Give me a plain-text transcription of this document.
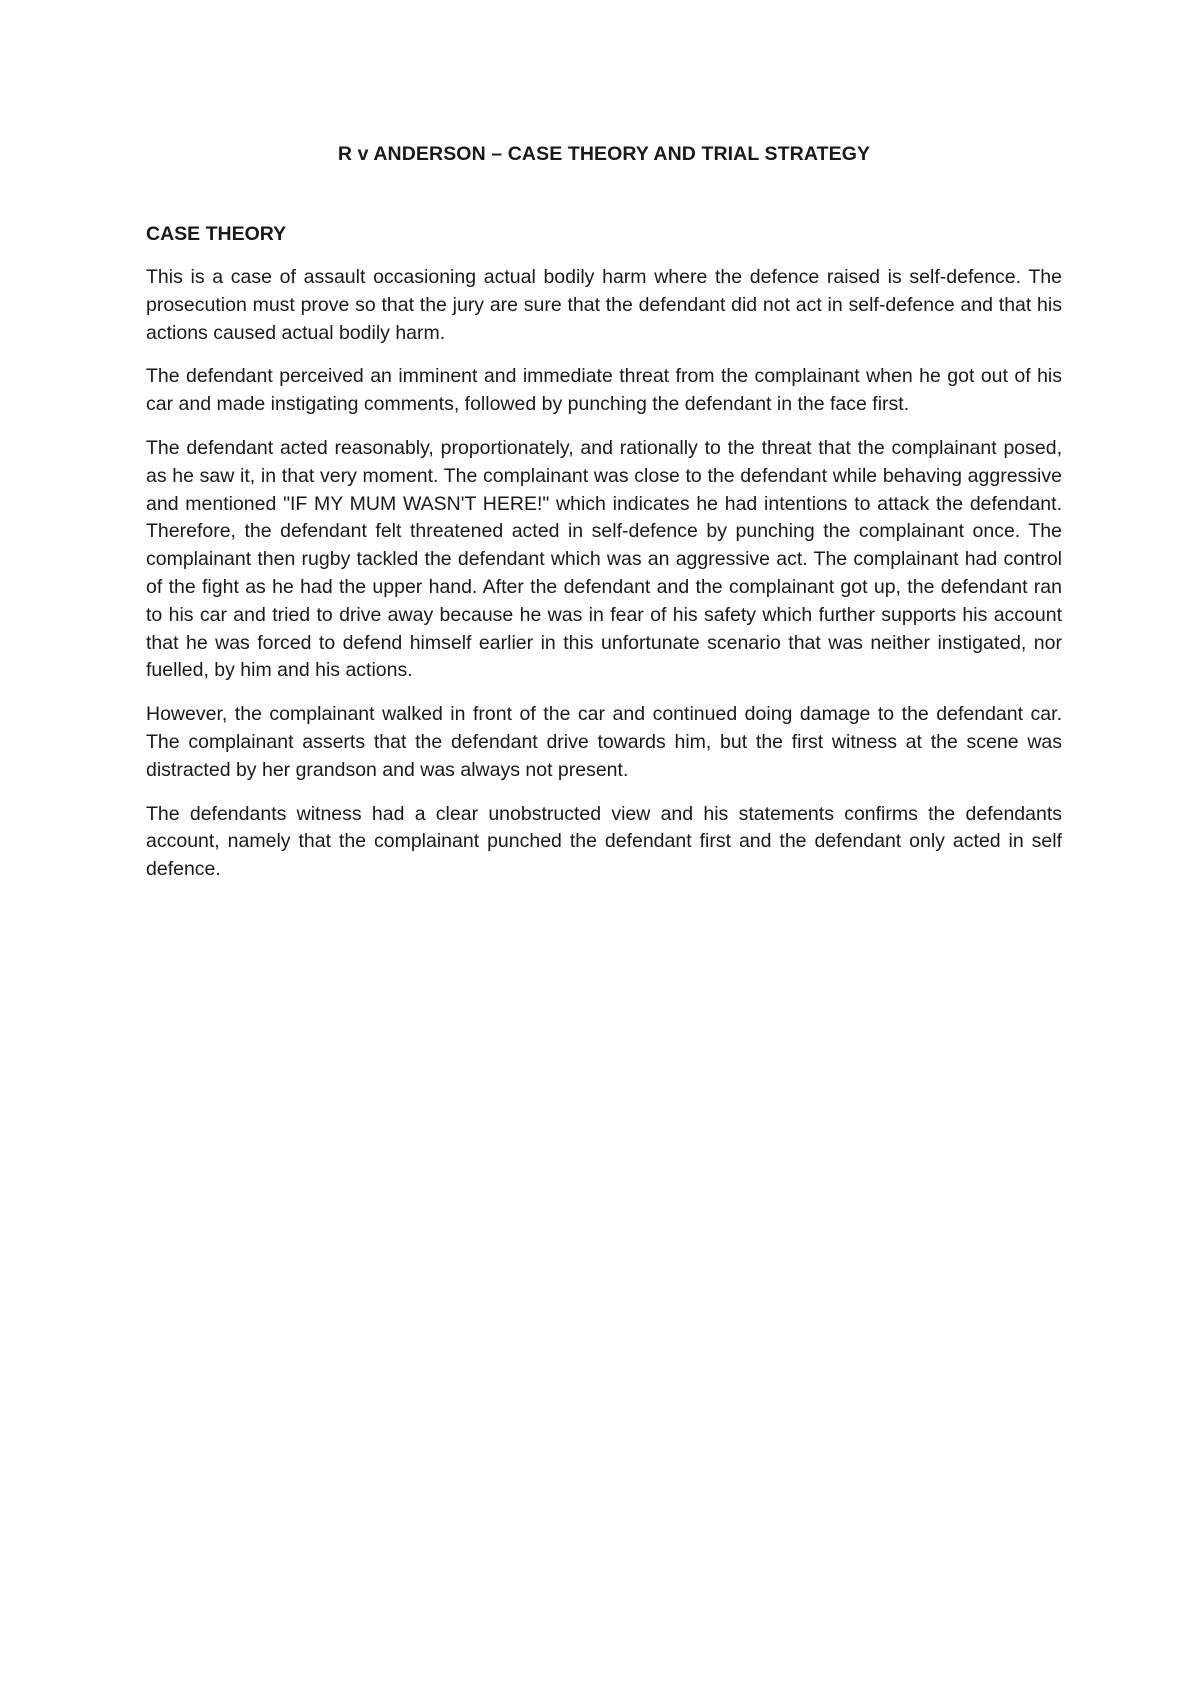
R v ANDERSON – CASE THEORY AND TRIAL STRATEGY
CASE THEORY

This is a case of assault occasioning actual bodily harm where the defence raised is self-defence. The prosecution must prove so that the jury are sure that the defendant did not act in self-defence and that his actions caused actual bodily harm.

The defendant perceived an imminent and immediate threat from the complainant when he got out of his car and made instigating comments, followed by punching the defendant in the face first.

The defendant acted reasonably, proportionately, and rationally to the threat that the complainant posed, as he saw it, in that very moment. The complainant was close to the defendant while behaving aggressive and mentioned "IF MY MUM WASN'T HERE!" which indicates he had intentions to attack the defendant. Therefore, the defendant felt threatened acted in self-defence by punching the complainant once. The complainant then rugby tackled the defendant which was an aggressive act. The complainant had control of the fight as he had the upper hand. After the defendant and the complainant got up, the defendant ran to his car and tried to drive away because he was in fear of his safety which further supports his account that he was forced to defend himself earlier in this unfortunate scenario that was neither instigated, nor fuelled, by him and his actions.

However, the complainant walked in front of the car and continued doing damage to the defendant car. The complainant asserts that the defendant drive towards him, but the first witness at the scene was distracted by her grandson and was always not present.

The defendants witness had a clear unobstructed view and his statements confirms the defendants account, namely that the complainant punched the defendant first and the defendant only acted in self defence.
